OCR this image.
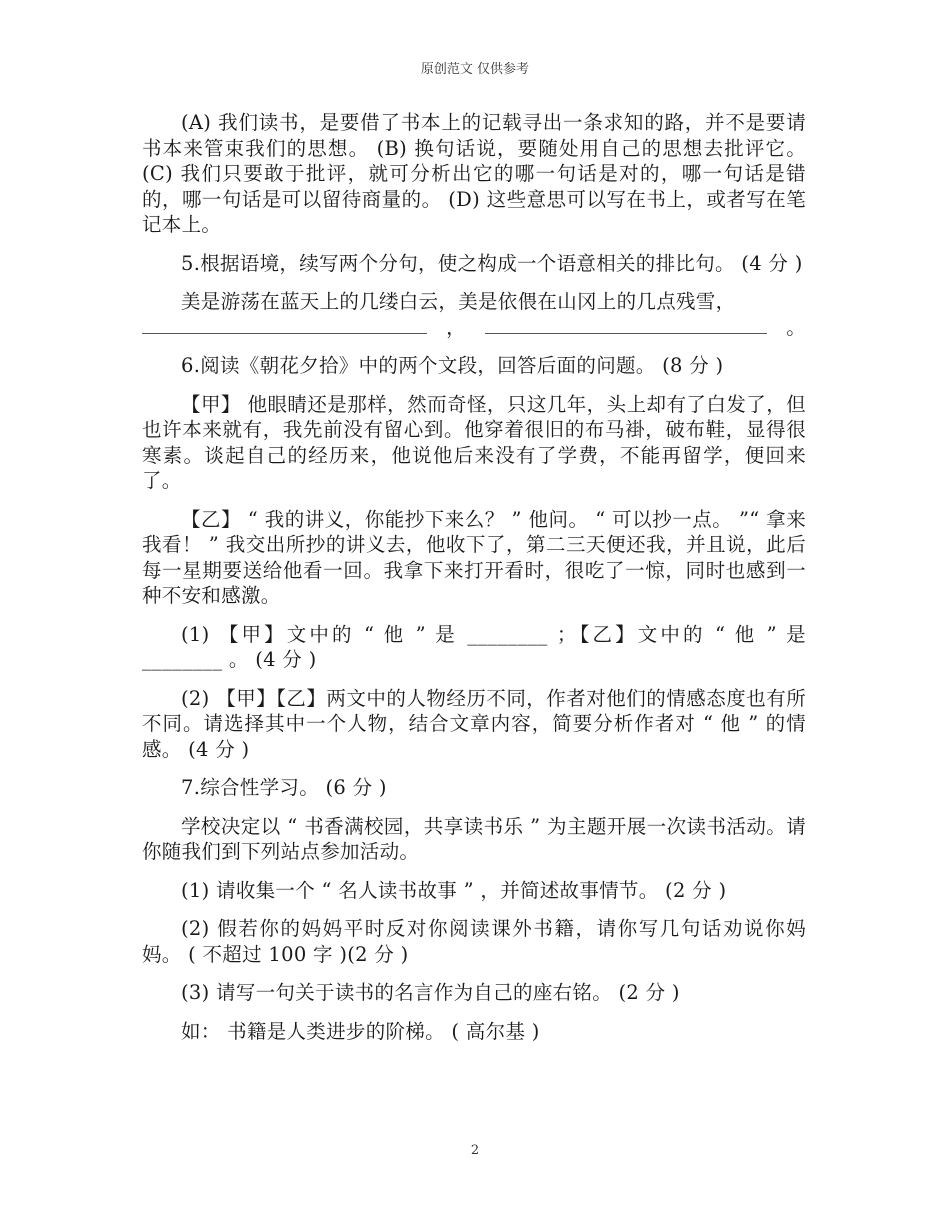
原创范文 仅供参考

(A) 我们读书，是要借了书本上的记载寻出一条求知的路，并不是要请书本来管束我们的思想。 (B) 换句话说，要随处用自己的思想去批评它。 (C) 我们只要敢于批评，就可分析出它的哪一句话是对的，哪一句话是错的，哪一句话是可以留待商量的。 (D) 这些意思可以写在书上，或者写在笔记本上。

5.根据语境，续写两个分句，使之构成一个语意相关的排比句。 (4 分 )

美是游荡在蓝天上的几缕白云，美是依偎在山冈上的几点残雪，

，	。

6.阅读《朝花夕拾》中的两个文段，回答后面的问题。 (8 分 )

【甲】 他眼睛还是那样，然而奇怪，只这几年，头上却有了白发了，但也许本来就有，我先前没有留心到。他穿着很旧的布马褂，破布鞋，显得很寒素。谈起自己的经历来，他说他后来没有了学费，不能再留学，便回来了。

【乙】 “ 我的讲义，你能抄下来么？ ” 他问。 “ 可以抄一点。 ”“ 拿来我看！ ” 我交出所抄的讲义去，他收下了，第二三天便还我，并且说，此后每一星期要送给他看一回。我拿下来打开看时，很吃了一惊，同时也感到一种不安和感激。

(1) 【甲】文中的 “ 他 ” 是 ________ ；【乙】文中的 “ 他 ” 是 ________ 。 (4 分 )

(2) 【甲】【乙】两文中的人物经历不同，作者对他们的情感态度也有所不同。请选择其中一个人物，结合文章内容，简要分析作者对 “ 他 ” 的情感。 (4 分 )

7.综合性学习。 (6 分 )

学校决定以 “ 书香满校园，共享读书乐 ” 为主题开展一次读书活动。请你随我们到下列站点参加活动。

(1) 请收集一个 “ 名人读书故事 ” ，并简述故事情节。 (2 分 )

(2) 假若你的妈妈平时反对你阅读课外书籍，请你写几句话劝说你妈妈。 ( 不超过 100 字 )(2 分 )

(3) 请写一句关于读书的名言作为自己的座右铭。 (2 分 )

如： 书籍是人类进步的阶梯。 ( 高尔基 )

2
